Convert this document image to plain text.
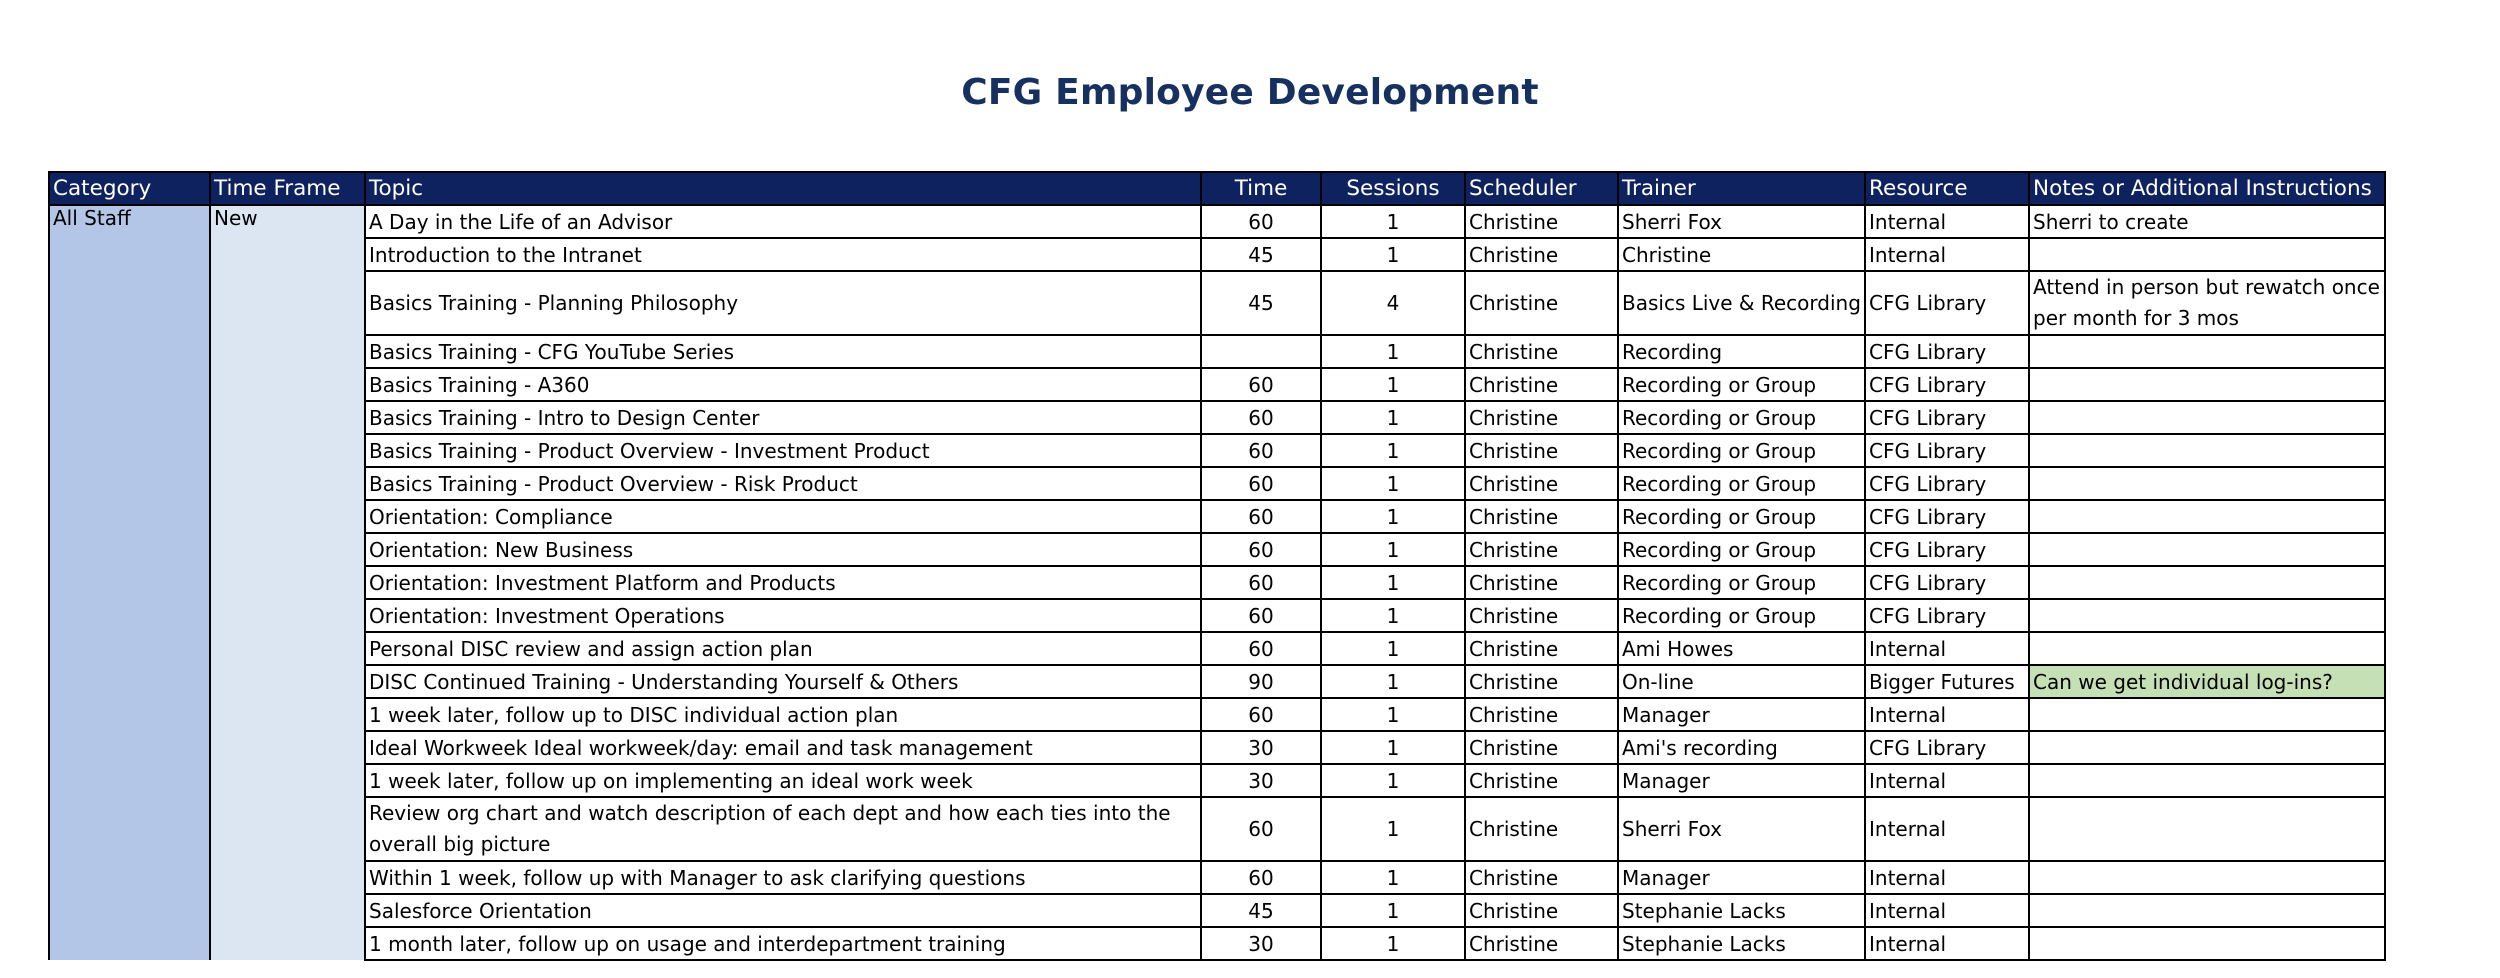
CFG Employee Development
Category	Time Frame	Topic	Time	Sessions	Scheduler	Trainer	Resource	Notes or Additional Instructions
All Staff	New	A Day in the Life of an Advisor	60	1	Christine	Sherri Fox	Internal	Sherri to create
		Introduction to the Intranet	45	1	Christine	Christine	Internal	
		Basics Training - Planning Philosophy	45	4	Christine	Basics Live & Recording	CFG Library	Attend in person but rewatch once per month for 3 mos
		Basics Training - CFG YouTube Series		1	Christine	Recording	CFG Library	
		Basics Training - A360	60	1	Christine	Recording or Group	CFG Library	
		Basics Training - Intro to Design Center	60	1	Christine	Recording or Group	CFG Library	
		Basics Training - Product Overview - Investment Product	60	1	Christine	Recording or Group	CFG Library	
		Basics Training - Product Overview - Risk Product	60	1	Christine	Recording or Group	CFG Library	
		Orientation: Compliance	60	1	Christine	Recording or Group	CFG Library	
		Orientation: New Business	60	1	Christine	Recording or Group	CFG Library	
		Orientation: Investment Platform and Products	60	1	Christine	Recording or Group	CFG Library	
		Orientation: Investment Operations	60	1	Christine	Recording or Group	CFG Library	
		Personal DISC review and assign action plan	60	1	Christine	Ami Howes	Internal	
		DISC Continued Training - Understanding Yourself & Others	90	1	Christine	On-line	Bigger Futures	Can we get individual log-ins?
		1 week later, follow up to DISC individual action plan	60	1	Christine	Manager	Internal	
		Ideal Workweek Ideal workweek/day: email and task management	30	1	Christine	Ami's recording	CFG Library	
		1 week later, follow up on implementing an ideal work week	30	1	Christine	Manager	Internal	
		Review org chart and watch description of each dept and how each ties into the overall big picture	60	1	Christine	Sherri Fox	Internal	
		Within 1 week, follow up with Manager to ask clarifying questions	60	1	Christine	Manager	Internal	
		Salesforce Orientation	45	1	Christine	Stephanie Lacks	Internal	
		1 month later, follow up on usage and interdepartment training	30	1	Christine	Stephanie Lacks	Internal	
